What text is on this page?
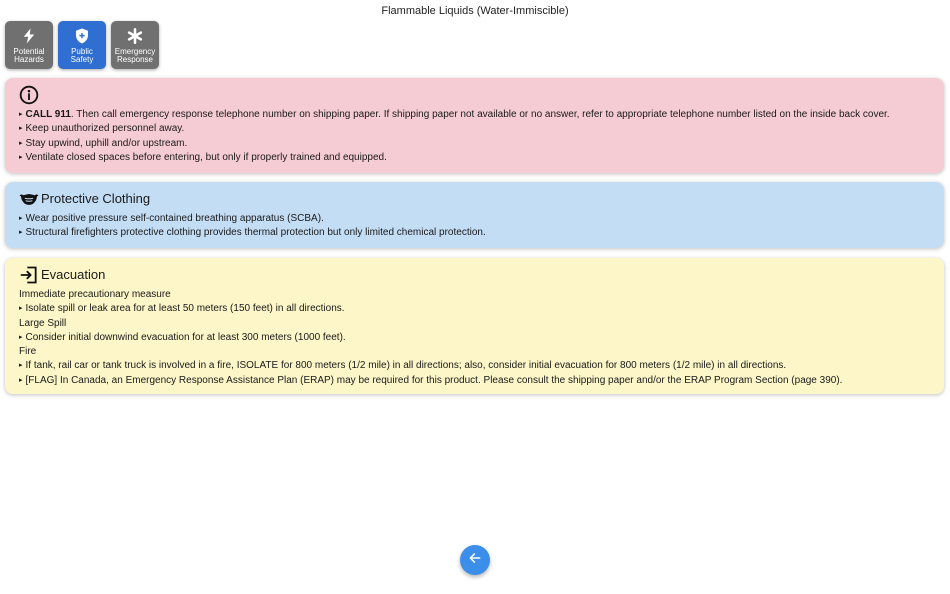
Flammable Liquids (Water-Immiscible)
Potential
Hazards
Public
Safety
Emergency
Response
▸ CALL 911. Then call emergency response telephone number on shipping paper. If shipping paper not available or no answer, refer to appropriate telephone number listed on the inside back cover.
▸ Keep unauthorized personnel away.
▸ Stay upwind, uphill and/or upstream.
▸ Ventilate closed spaces before entering, but only if properly trained and equipped.
Protective Clothing
▸ Wear positive pressure self-contained breathing apparatus (SCBA).
▸ Structural firefighters protective clothing provides thermal protection but only limited chemical protection.
Evacuation
Immediate precautionary measure
▸ Isolate spill or leak area for at least 50 meters (150 feet) in all directions.
Large Spill
▸ Consider initial downwind evacuation for at least 300 meters (1000 feet).
Fire
▸ If tank, rail car or tank truck is involved in a fire, ISOLATE for 800 meters (1/2 mile) in all directions; also, consider initial evacuation for 800 meters (1/2 mile) in all directions.
▸ [FLAG] In Canada, an Emergency Response Assistance Plan (ERAP) may be required for this product. Please consult the shipping paper and/or the ERAP Program Section (page 390).
